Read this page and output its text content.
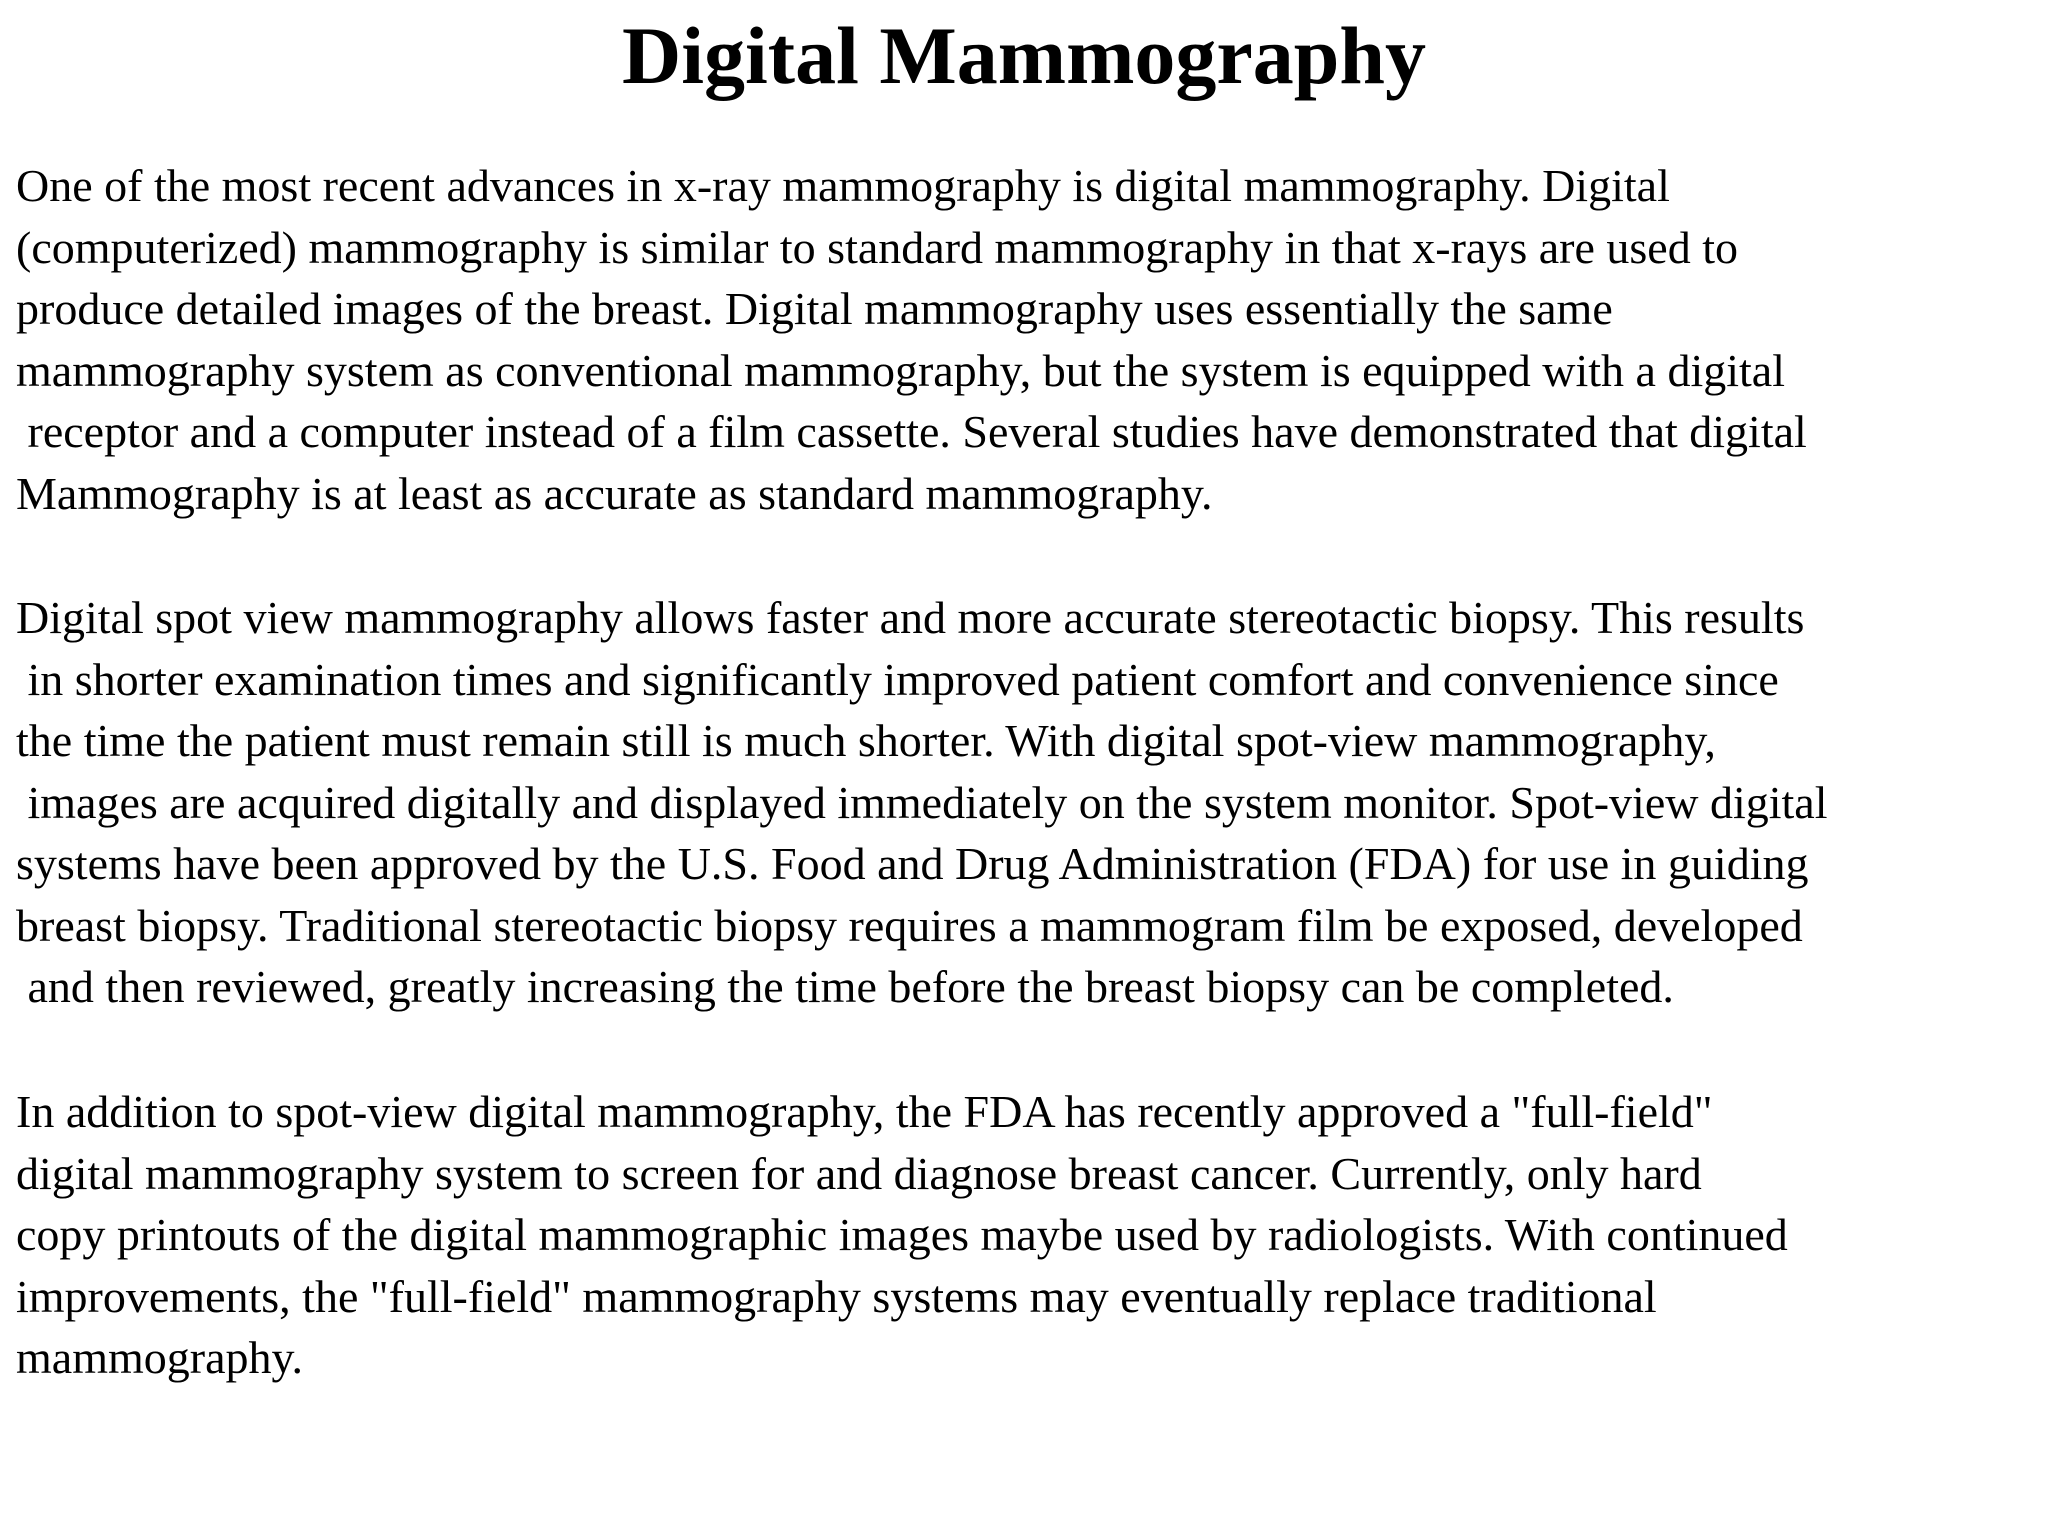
Digital Mammography
One of the most recent advances in x-ray mammography is digital mammography. Digital
(computerized) mammography is similar to standard mammography in that x-rays are used to
produce detailed images of the breast. Digital mammography uses essentially the same
mammography system as conventional mammography, but the system is equipped with a digital
receptor and a computer instead of a film cassette. Several studies have demonstrated that digital
Mammography is at least as accurate as standard mammography.
Digital spot view mammography allows faster and more accurate stereotactic biopsy. This results
in shorter examination times and significantly improved patient comfort and convenience since
the time the patient must remain still is much shorter. With digital spot-view mammography,
images are acquired digitally and displayed immediately on the system monitor. Spot-view digital
systems have been approved by the U.S. Food and Drug Administration (FDA) for use in guiding
breast biopsy. Traditional stereotactic biopsy requires a mammogram film be exposed, developed
and then reviewed, greatly increasing the time before the breast biopsy can be completed.
In addition to spot-view digital mammography, the FDA has recently approved a "full-field"
digital mammography system to screen for and diagnose breast cancer. Currently, only hard
copy printouts of the digital mammographic images maybe used by radiologists. With continued
improvements, the "full-field" mammography systems may eventually replace traditional
mammography.
